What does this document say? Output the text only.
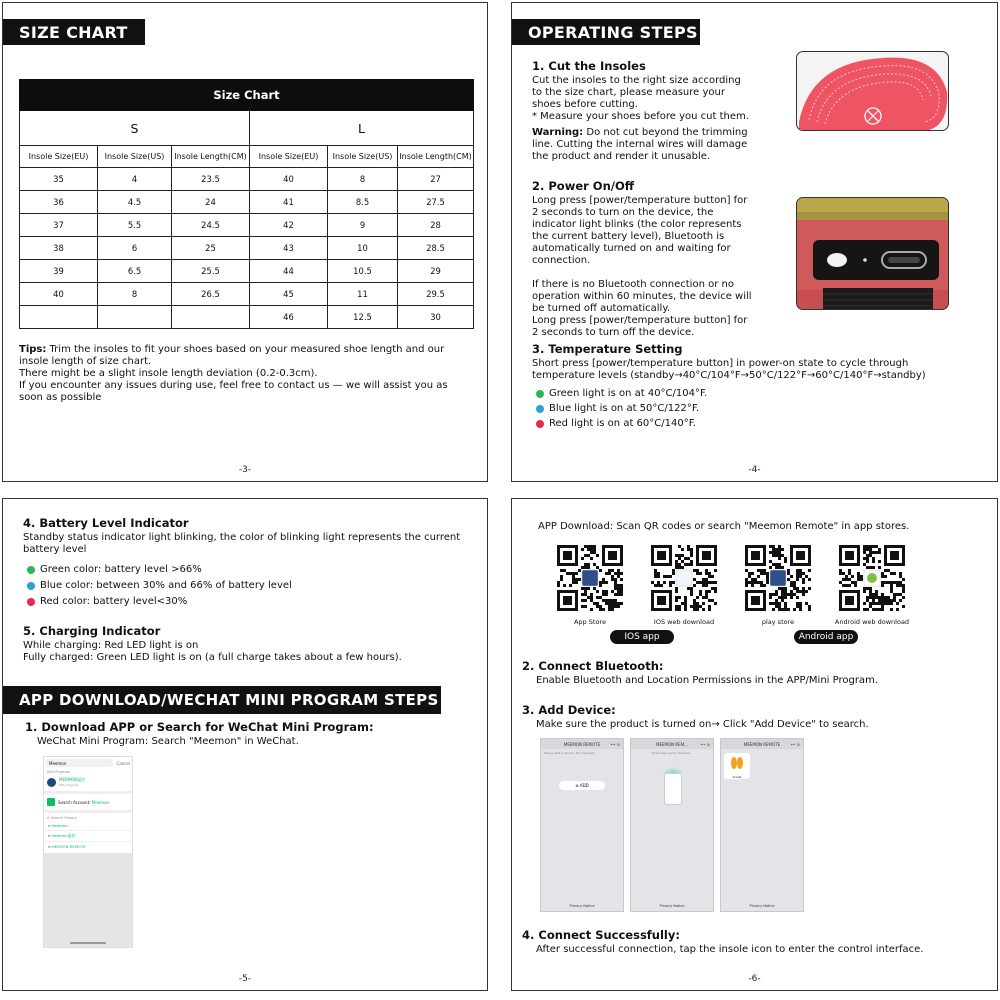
SIZE CHART
Size Chart					
S			L		
Insole Size(EU)	Insole Size(US)	Insole Length(CM)	Insole Size(EU)	Insole Size(US)	Insole Length(CM)
35	4	23.5	40	8	27
36	4.5	24	41	8.5	27.5
37	5.5	24.5	42	9	28
38	6	25	43	10	28.5
39	6.5	25.5	44	10.5	29
40	8	26.5	45	11	29.5
			46	12.5	30
Tips: Trim the insoles to fit your shoes based on your measured shoe length and our insole length of size chart.
There might be a slight insole length deviation (0.2-0.3cm).
If you encounter any issues during use, feel free to contact us — we will assist you as soon as possible
-3-
OPERATING STEPS
1. Cut the Insoles
Cut the insoles to the right size according to the size chart, please measure your shoes before cutting.
* Measure your shoes before you cut them.
Warning: Do not cut beyond the trimming line. Cutting the internal wires will damage the product and render it unusable.
2. Power On/Off
Long press [power/temperature button] for 2 seconds to turn on the device, the indicator light blinks (the color represents the current battery level), Bluetooth is automatically turned on and waiting for connection.
If there is no Bluetooth connection or no operation within 60 minutes, the device will be turned off automatically.
Long press [power/temperature button] for 2 seconds to turn off the device.
3. Temperature Setting
Short press [power/temperature button] in power-on state to cycle through temperature levels (standby→40°C/104°F→50°C/122°F→60°C/140°F→standby)
Green light is on at 40°C/104°F.
Blue light is on at 50°C/122°F.
Red light is on at 60°C/140°F.
-4-
4. Battery Level Indicator
Standby status indicator light blinking, the color of blinking light represents the current battery level
Green color: battery level >66%
Blue color: between 30% and 66% of battery level
Red color: battery level<30%
5. Charging Indicator
While charging: Red LED light is on
Fully charged: Green LED light is on (a full charge takes about a few hours).
APP DOWNLOAD/WECHAT MINI PROGRAM STEPS
1. Download APP or Search for WeChat Mini Program:
WeChat Mini Program: Search "Meemon" in WeChat.
Meemon	Cancel
Mini Program
MEEMON温控
Mini Program
Search Account: Meemon
⊙ Search History
⌕ Meemon
⌕ Meemon温控
⌕ MEEMON REMOTE
-5-
APP Download: Scan QR codes or search "Meemon Remote" in app stores.
App Store	IOS web download	play store	Android web download
IOS app	Android app
2. Connect Bluetooth:
Enable Bluetooth and Location Permissions in the APP/Mini Program.
3. Add Device:
Make sure the product is turned on→ Click "Add Device" to search.
MEEMON REMOTE	•• ⊙
Please add a device. No message
⊕ ADD
Privacy Notice
MEEMON REM...	•• ⊙
Scanning nearby devices...
Privacy Notice
MEEMON REMOTE	•• ⊙
insole
Privacy Notice
4. Connect Successfully:
After successful connection, tap the insole icon to enter the control interface.
-6-
